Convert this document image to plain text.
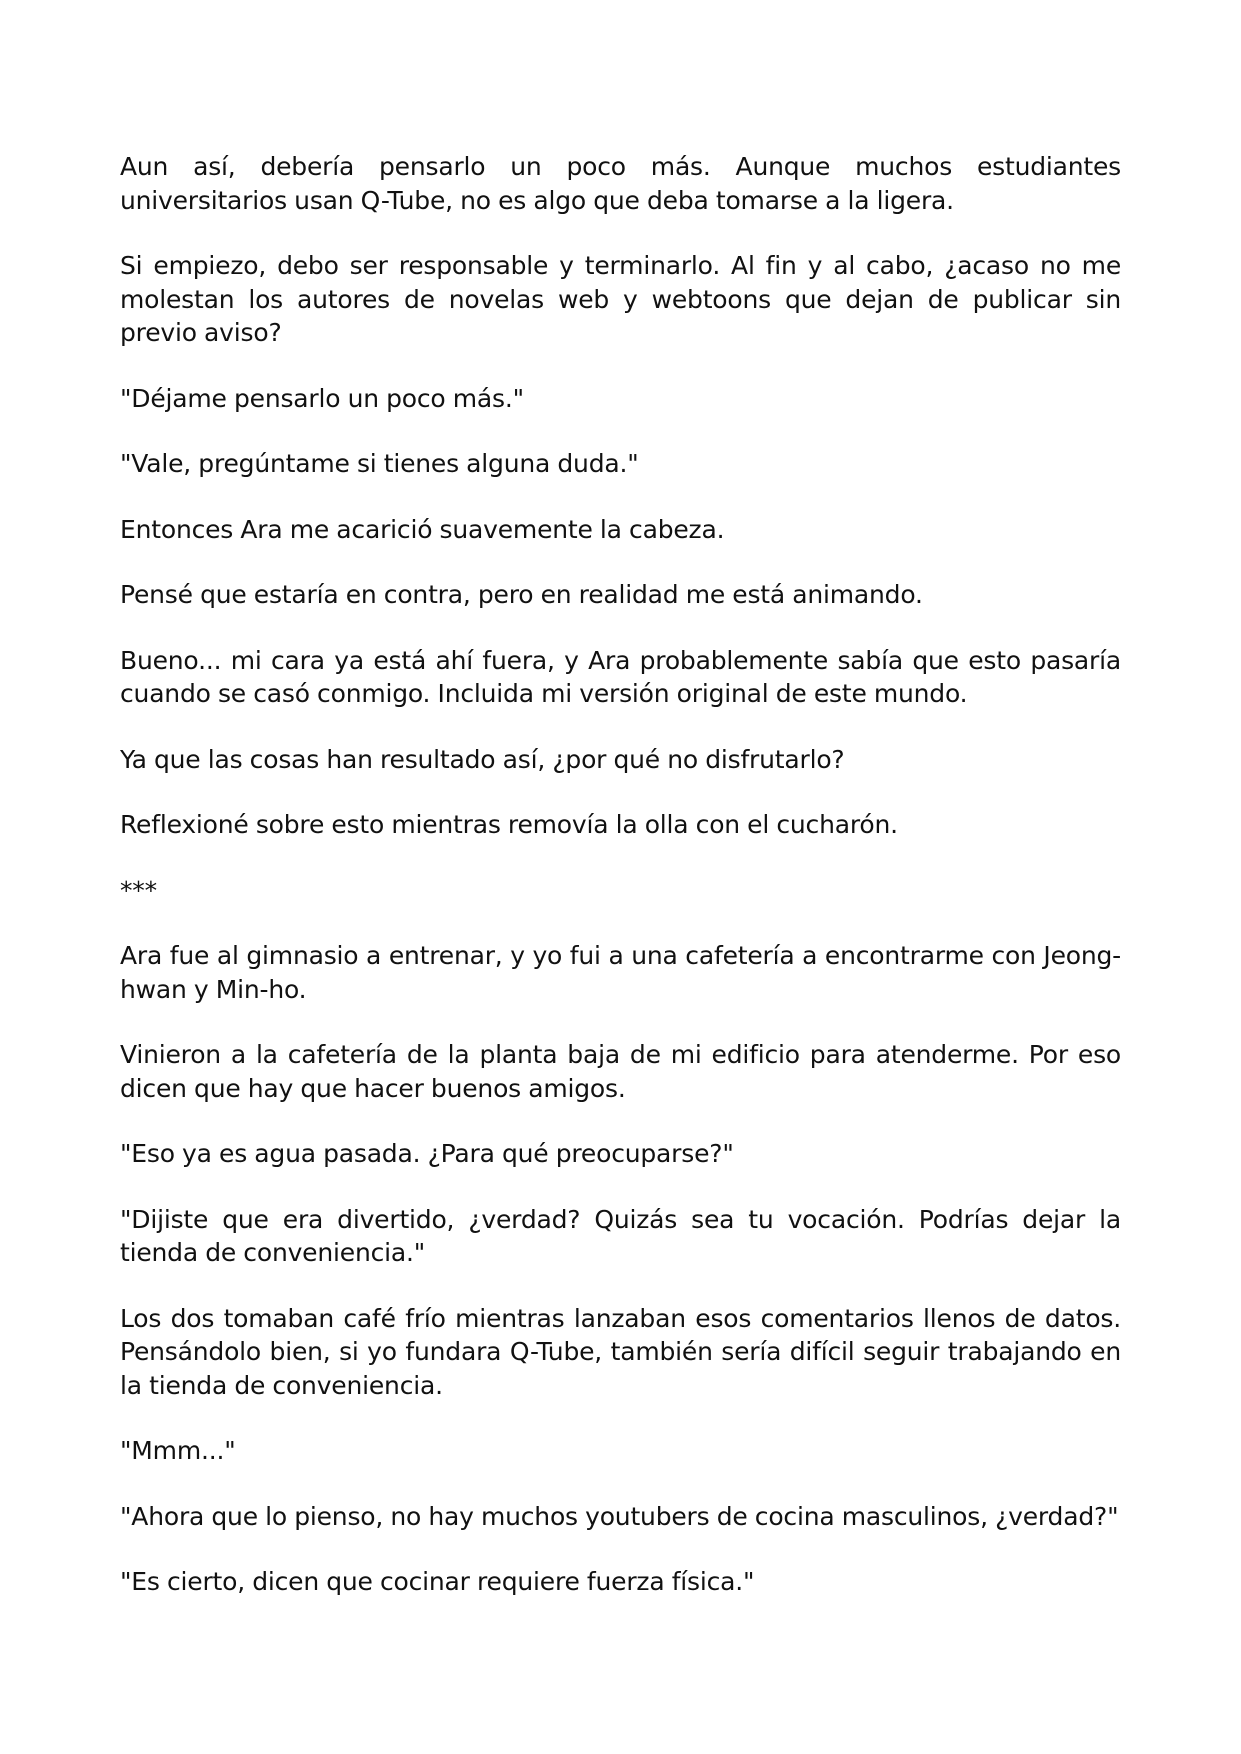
Aun así, debería pensarlo un poco más. Aunque muchos estudiantes universitarios usan Q-Tube, no es algo que deba tomarse a la ligera.

Si empiezo, debo ser responsable y terminarlo. Al fin y al cabo, ¿acaso no me molestan los autores de novelas web y webtoons que dejan de publicar sin previo aviso?

"Déjame pensarlo un poco más."

"Vale, pregúntame si tienes alguna duda."

Entonces Ara me acarició suavemente la cabeza.

Pensé que estaría en contra, pero en realidad me está animando.

Bueno... mi cara ya está ahí fuera, y Ara probablemente sabía que esto pasaría cuando se casó conmigo. Incluida mi versión original de este mundo.

Ya que las cosas han resultado así, ¿por qué no disfrutarlo?

Reflexioné sobre esto mientras removía la olla con el cucharón.

***

Ara fue al gimnasio a entrenar, y yo fui a una cafetería a encontrarme con Jeong-hwan y Min-ho.

Vinieron a la cafetería de la planta baja de mi edificio para atenderme. Por eso dicen que hay que hacer buenos amigos.

"Eso ya es agua pasada. ¿Para qué preocuparse?"

"Dijiste que era divertido, ¿verdad? Quizás sea tu vocación. Podrías dejar la tienda de conveniencia."

Los dos tomaban café frío mientras lanzaban esos comentarios llenos de datos. Pensándolo bien, si yo fundara Q-Tube, también sería difícil seguir trabajando en la tienda de conveniencia.

"Mmm..."

"Ahora que lo pienso, no hay muchos youtubers de cocina masculinos, ¿verdad?"

"Es cierto, dicen que cocinar requiere fuerza física."
